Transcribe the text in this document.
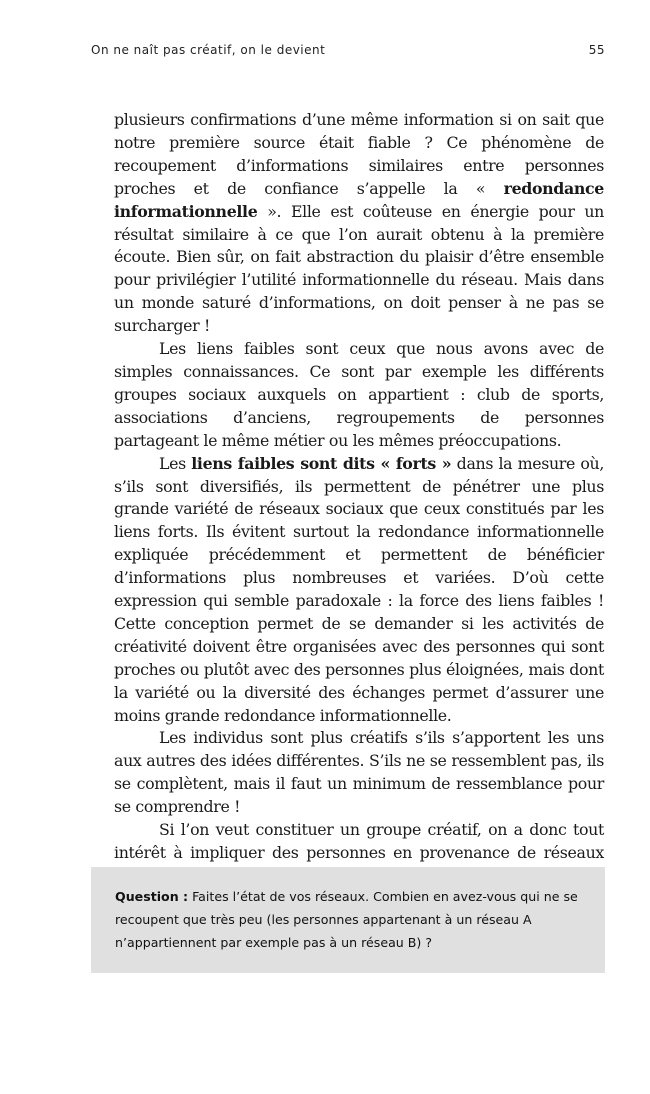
On ne naît pas créatif, on le devient	55

plusieurs confirmations d’une même information si on sait que notre première source était fiable ? Ce phénomène de recoupement d’informations similaires entre personnes proches et de confiance s’appelle la « redondance informationnelle ». Elle est coûteuse en énergie pour un résultat similaire à ce que l’on aurait obtenu à la première écoute. Bien sûr, on fait abstraction du plaisir d’être ensemble pour privilégier l’utilité informationnelle du réseau. Mais dans un monde saturé d’informations, on doit penser à ne pas se surcharger !

Les liens faibles sont ceux que nous avons avec de simples connaissances. Ce sont par exemple les différents groupes sociaux auxquels on appartient : club de sports, associations d’anciens, regroupements de personnes partageant le même métier ou les mêmes préoccupations.

Les liens faibles sont dits « forts » dans la mesure où, s’ils sont diversifiés, ils permettent de pénétrer une plus grande variété de réseaux sociaux que ceux constitués par les liens forts. Ils évitent surtout la redondance informationnelle expliquée précédemment et permettent de bénéficier d’informations plus nombreuses et variées. D’où cette expression qui semble paradoxale : la force des liens faibles ! Cette conception permet de se demander si les activités de créativité doivent être organisées avec des personnes qui sont proches ou plutôt avec des personnes plus éloignées, mais dont la variété ou la diversité des échanges permet d’assurer une moins grande redondance informationnelle.

Les individus sont plus créatifs s’ils s’apportent les uns aux autres des idées différentes. S’ils ne se ressemblent pas, ils se complètent, mais il faut un minimum de ressemblance pour se comprendre !

Si l’on veut constituer un groupe créatif, on a donc tout intérêt à impliquer des personnes en provenance de réseaux

Question : Faites l’état de vos réseaux. Combien en avez-vous qui ne se recoupent que très peu (les personnes appartenant à un réseau A n’appartiennent par exemple pas à un réseau B) ?
